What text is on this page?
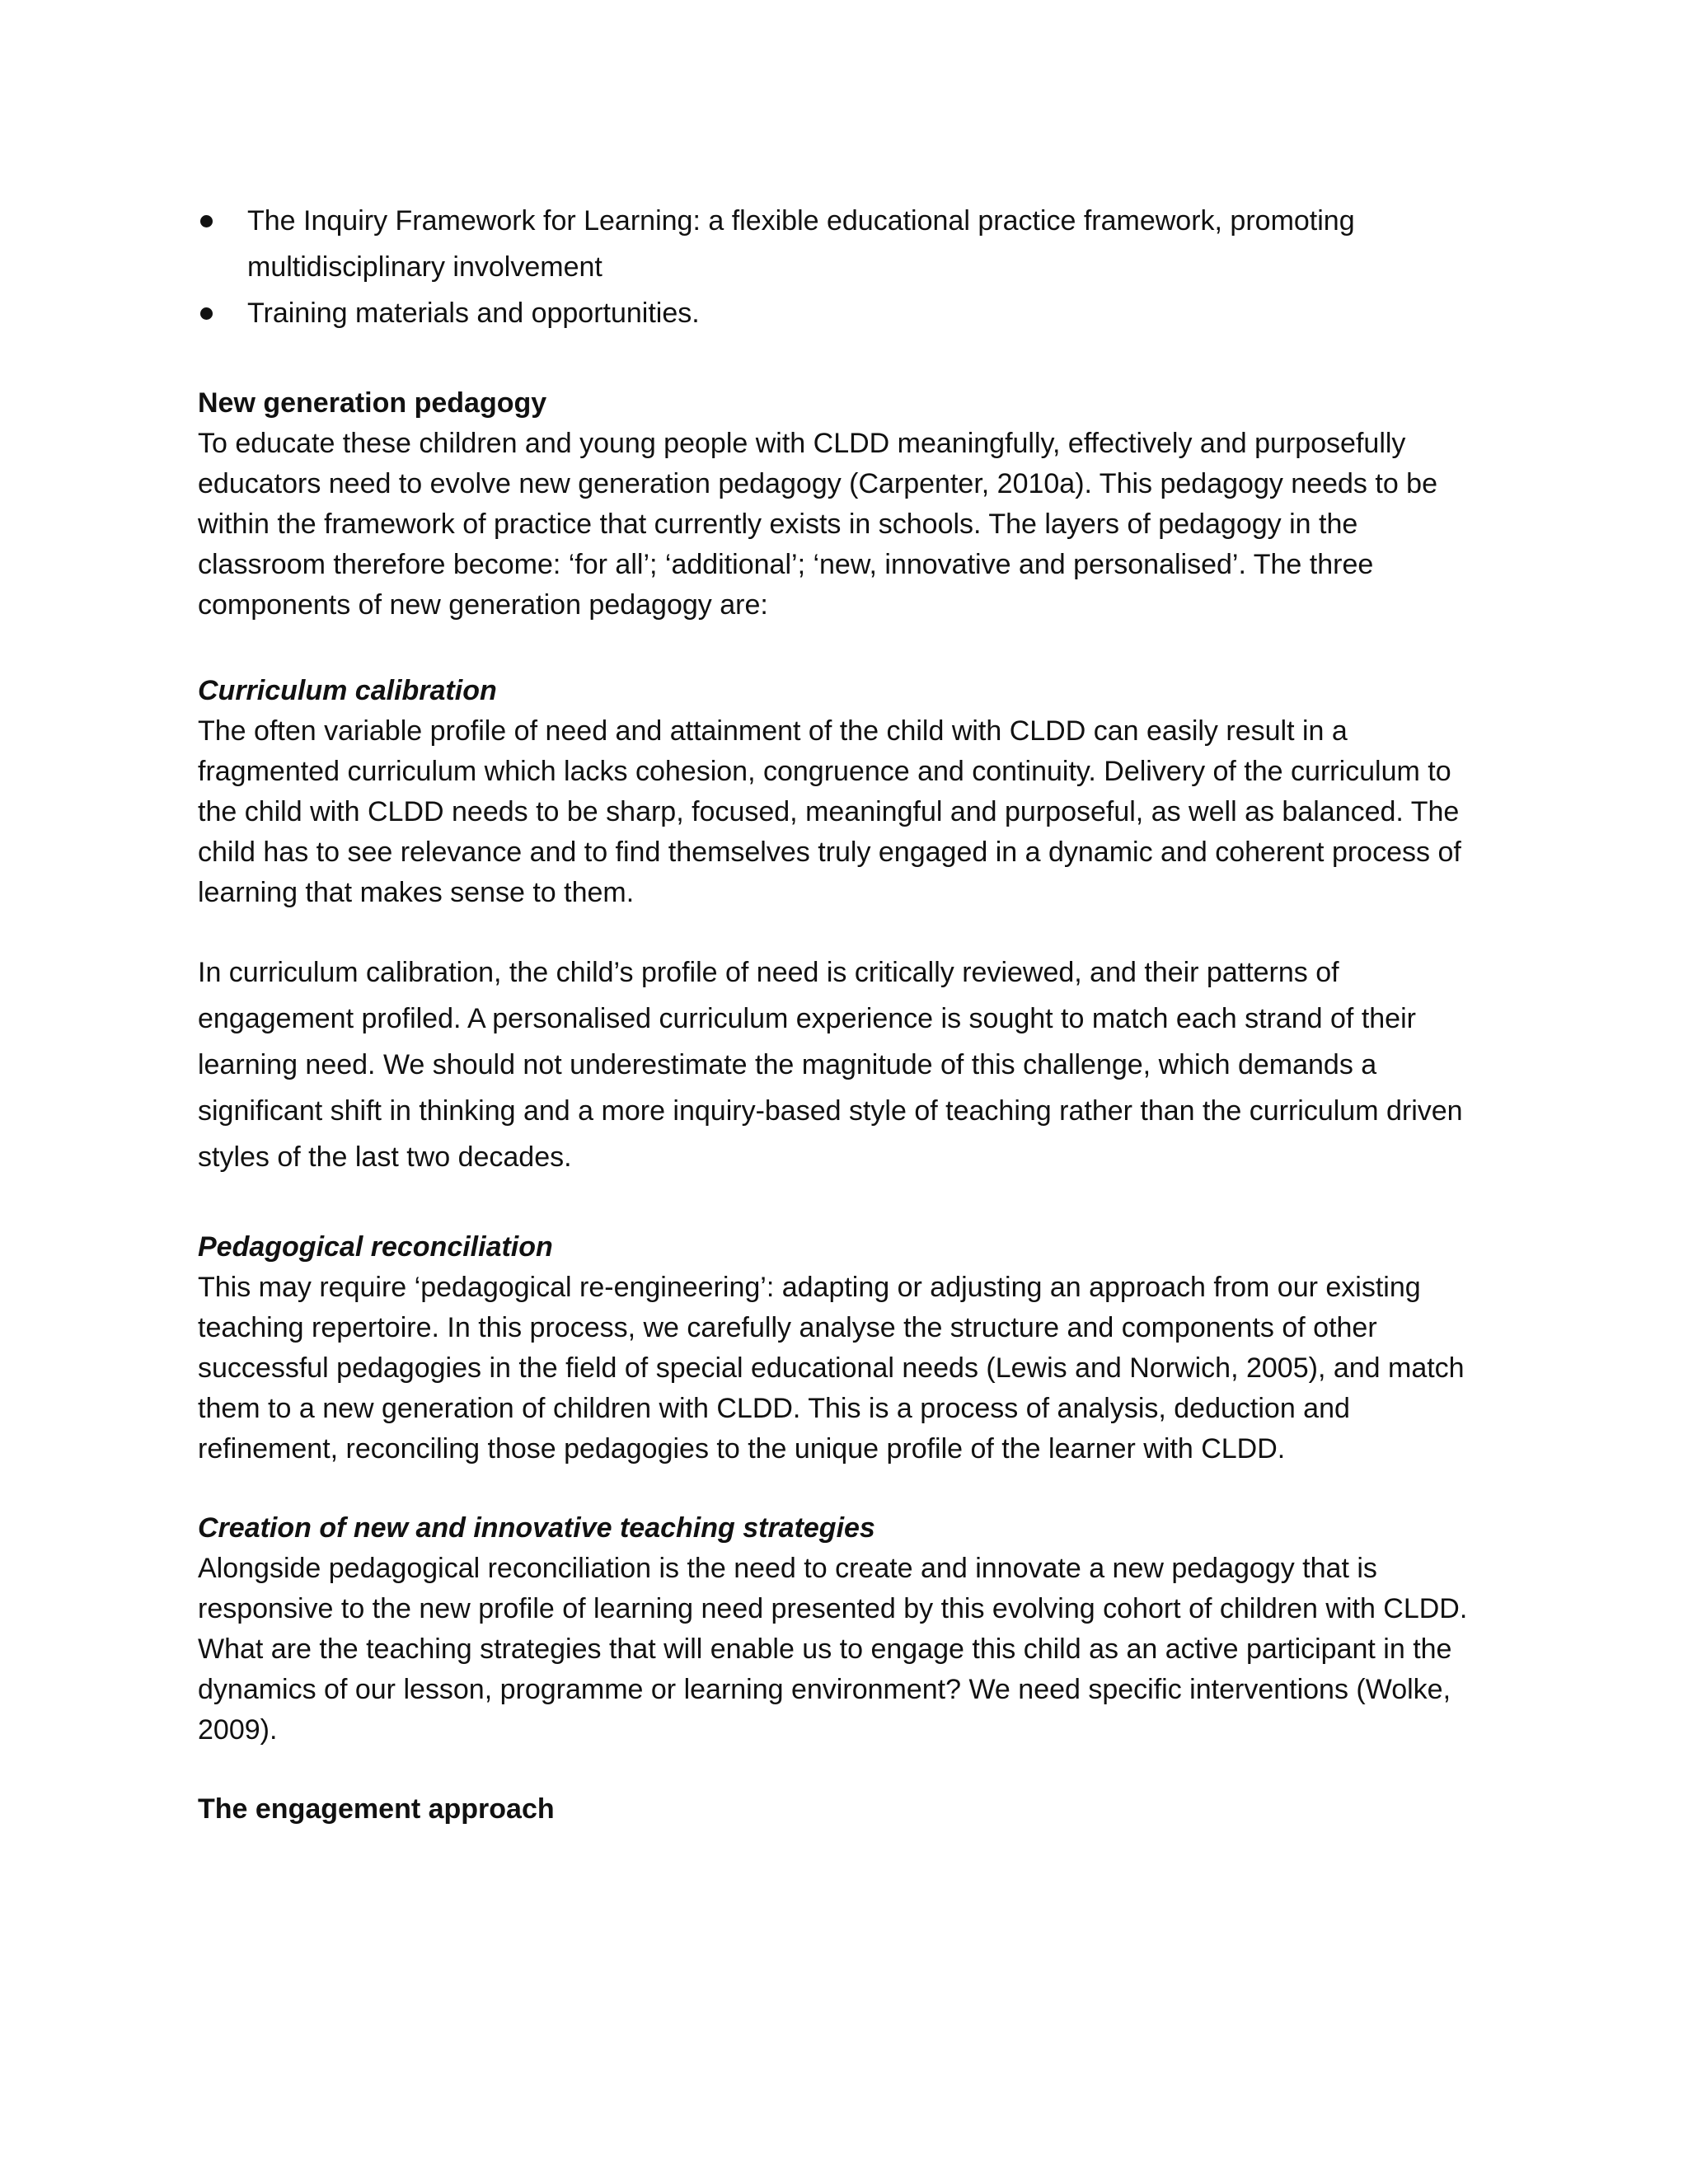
The Inquiry Framework for Learning: a flexible educational practice framework, promoting multidisciplinary involvement
Training materials and opportunities.
New generation pedagogy

To educate these children and young people with CLDD meaningfully, effectively and purposefully educators need to evolve new generation pedagogy (Carpenter, 2010a). This pedagogy needs to be within the framework of practice that currently exists in schools. The layers of pedagogy in the classroom therefore become: ‘for all’; ‘additional’; ‘new, innovative and personalised’. The three components of new generation pedagogy are:

Curriculum calibration

The often variable profile of need and attainment of the child with CLDD can easily result in a fragmented curriculum which lacks cohesion, congruence and continuity. Delivery of the curriculum to the child with CLDD needs to be sharp, focused, meaningful and purposeful, as well as balanced. The child has to see relevance and to find themselves truly engaged in a dynamic and coherent process of learning that makes sense to them.

In curriculum calibration, the child’s profile of need is critically reviewed, and their patterns of engagement profiled. A personalised curriculum experience is sought to match each strand of their learning need. We should not underestimate the magnitude of this challenge, which demands a significant shift in thinking and a more inquiry-based style of teaching rather than the curriculum driven styles of the last two decades.

Pedagogical reconciliation

This may require ‘pedagogical re-engineering’: adapting or adjusting an approach from our existing teaching repertoire. In this process, we carefully analyse the structure and components of other successful pedagogies in the field of special educational needs (Lewis and Norwich, 2005), and match them to a new generation of children with CLDD. This is a process of analysis, deduction and refinement, reconciling those pedagogies to the unique profile of the learner with CLDD.

Creation of new and innovative teaching strategies

Alongside pedagogical reconciliation is the need to create and innovate a new pedagogy that is responsive to the new profile of learning need presented by this evolving cohort of children with CLDD. What are the teaching strategies that will enable us to engage this child as an active participant in the dynamics of our lesson, programme or learning environment? We need specific interventions (Wolke, 2009).

The engagement approach
